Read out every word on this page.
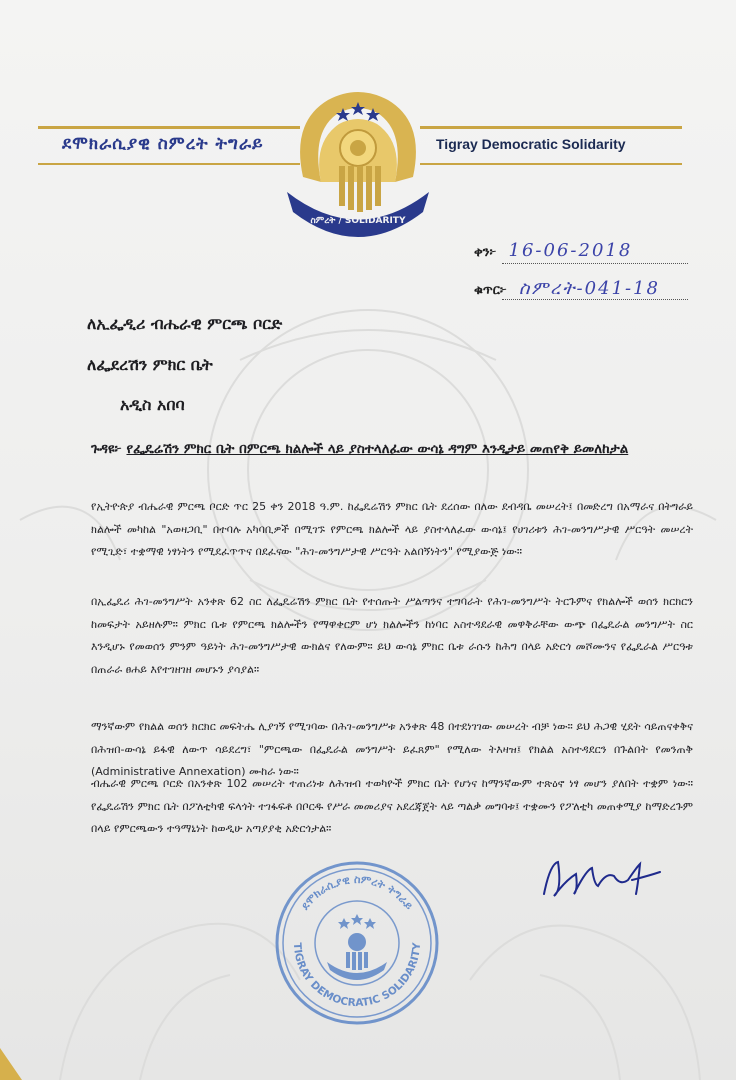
ደሞክራሲያዊ ስምረት ትግራይ	Tigray Democratic Solidarity
ስምረት / SOLIDARITY
ቀን፦ 16-06-2018
ቁጥር፦ ስምረት-041-18
ለኢፌዲሪ ብሔራዊ ምርጫ ቦርድ
ለፌደረሽን ምክር ቤት
አዲስ አበባ
ጉዳዩ፦ የፌዴሬሽን ምክር ቤት በምርጫ ክልሎች ላይ ያስተላለፈው ውሳኔ ዳግም እንዲታይ መጠየቅ ይመለከታል
የኢትዮጵያ ብሔራዊ ምርጫ ቦርድ ጥር 25 ቀን 2018 ዓ.ም. ከፌዴሬሽን ምክር ቤት ደረሰው በለው ደብዳቤ መሠረት፤ በመድረግ በአማራና በትግራይ ክልሎች መካከል "አወዛጋቢ" በተባሉ አካባቢዎች በሚገኙ የምርጫ ክልሎች ላይ ያስተላለፈው ውሳኔ፤ የሀገሪቱን ሕገ-መንግሥታዊ ሥርዓት መሠረት የሚጊድ፣ ተቋማዊ ነፃነትን የሚደፈጥጥና በደፈናው "ሕገ-መንግሥታዊ ሥርዓት አልበኝነትን" የሚያውጅ ነው።
በኢፌዴሪ ሕገ-መንግሥት አንቀጽ 62 ስር ለፌዴሬሽን ምክር ቤት የተሰጡት ሥልጣንና ተግባራት የሕገ-መንግሥት ትርጉምና የክልሎች ወሰን ክርክርን ከመፍታት አይዘሉም። ምክር ቤቱ የምርጫ ክልሎችን የማዋቀርም ሆነ ክልሎችን ከነባር አስተዳደራዊ መዋቅራቸው ውጭ በፌዴራል መንግሥት ስር እንዲሆኑ የመወሰን ምንም ዓይነት ሕገ-መንግሥታዊ ውክልና የለውም። ይህ ውሳኔ ምክር ቤቱ ራሱን ከሕግ በላይ አድርጎ መሾሙንና የፌዴራል ሥርዓቱ በጠራራ ፀሐይ እየተገዘገዘ መሆኑን ያሳያል።
ማንኛውም የክልል ወሰን ክርክር መፍትሔ ሊያገኝ የሚገባው በሕገ-መንግሥቱ አንቀጽ 48 በተደነገገው መሠረት ብቻ ነው። ይህ ሕጋዊ ሂደት ሳይጠናቀቅና በሕዝበ-ውሳኔ ይፋዊ ለውጥ ሳይደረግ፣ "ምርጫው በፌዴራል መንግሥት ይፈጸም" የሚለው ትእዛዝ፤ የክልል አስተዳደርን በጉልበት የመንጠቅ (Administrative Annexation) ሙከራ ነው።
ብሔራዊ ምርጫ ቦርድ በአንቀጽ 102 መሠረት ተጠሪነቱ ለሕዝብ ተወካዮች ምክር ቤት የሆነና ከማንኛውም ተጽዕኖ ነፃ መሆን ያለበት ተቋም ነው። የፌዴሬሽን ምክር ቤት በፖለቲካዊ ፍላጎት ተገፋፍቶ በቦርዱ የሥራ መመሪያና አደረጃጀት ላይ ጣልቃ መግባቱ፤ ተቋሙን የፖለቲካ መጠቀሚያ ከማድረጉም በላይ የምርጫውን ተዓማኒነት ከወዲሁ አጣያያቂ አድርጎታል።
ደሞክራሲያዊ ስምረት ትግራይ
TIGRAY DEMOCRATIC SOLIDARITY
